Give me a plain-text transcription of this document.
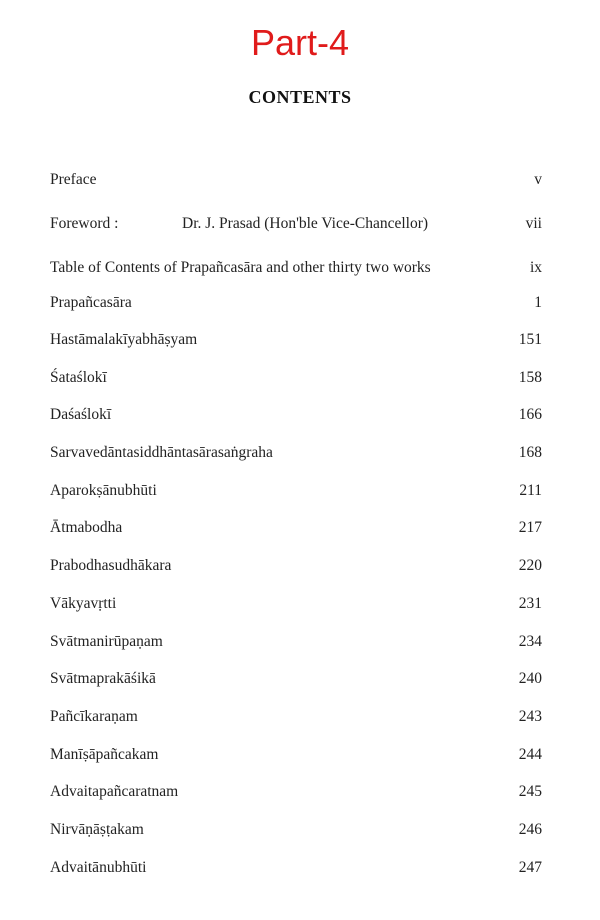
Part-4
CONTENTS
Preface	v
Foreword :	Dr. J. Prasad (Hon'ble Vice-Chancellor)	vii
Table of Contents of Prapañcasāra and other thirty two works	ix
Prapañcasāra	1
Hastāmalakīyabhāṣyam	151
Śataślokī	158
Daśaślokī	166
Sarvavedāntasiddhāntasārasaṅgraha	168
Aparokṣānubhūti	211
Ātmabodha	217
Prabodhasudhākara	220
Vākyavṛtti	231
Svātmanirūpaṇam	234
Svātmaprakāśikā	240
Pañcīkaraṇam	243
Manīṣāpañcakam	244
Advaitapañcaratnam	245
Nirvāṇāṣṭakam	246
Advaitānubhūti	247
